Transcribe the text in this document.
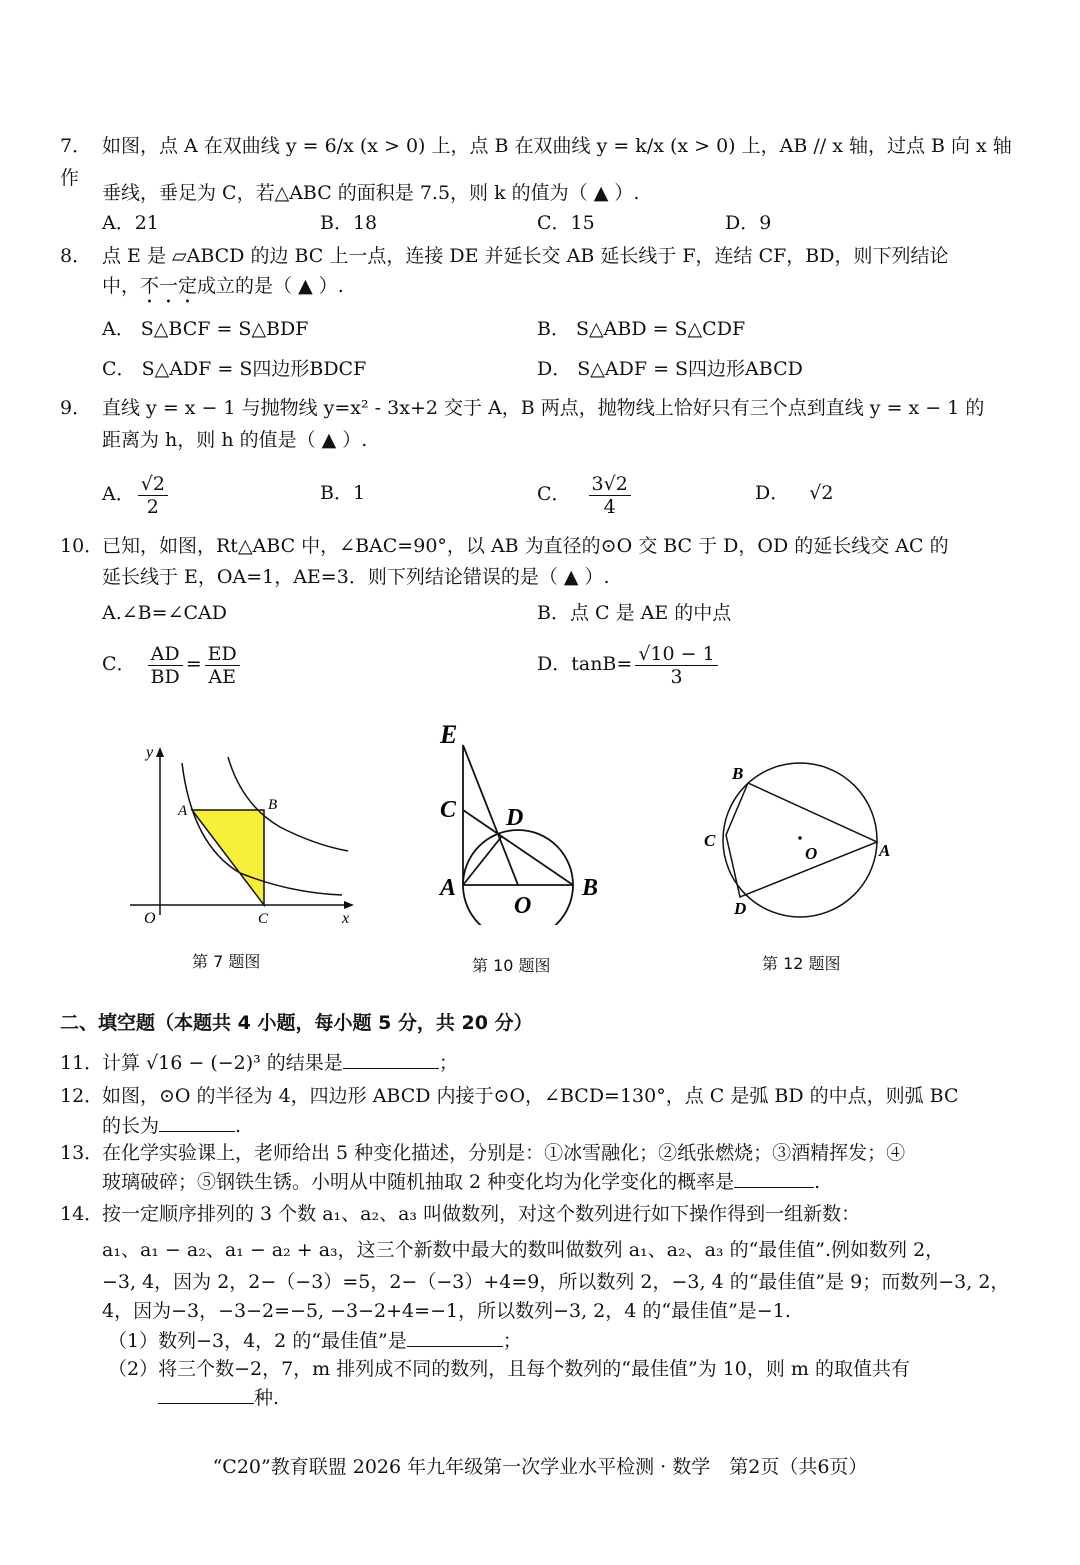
7． 如图，点 A 在双曲线 y = 6/x (x > 0) 上，点 B 在双曲线 y = k/x (x > 0) 上，AB // x 轴，过点 B 向 x 轴作
垂线，垂足为 C，若△ABC 的面积是 7.5，则 k 的值为（ ▲ ）.
A．21	B．18	C．15	D．9
8． 点 E 是 ▱ABCD 的边 BC 上一点，连接 DE 并延长交 AB 延长线于 F，连结 CF，BD，则下列结论
中，不一定成立的是（ ▲ ）.
A． S△BCF = S△BDF	B． S△ABD = S△CDF
C． S△ADF = S四边形BDCF	D． S△ADF = S四边形ABCD
9． 直线 y = x − 1 与抛物线 y=x² - 3x+2 交于 A，B 两点，抛物线上恰好只有三个点到直线 y = x − 1 的
距离为 h，则 h 的值是（ ▲ ）.
A． $\frac{√2}{2}$	B．1	C． $\frac{3√2}{4}$	D． √2
10．已知，如图，Rt△ABC 中，∠BAC=90°，以 AB 为直径的⊙O 交 BC 于 D，OD 的延长线交 AC 的
延长线于 E，OA=1，AE=3．则下列结论错误的是（ ▲ ）.
A.∠B=∠CAD	B．点 C 是 AE 的中点
C． $\frac{AD}{BD} = \frac{ED}{AE}$	D．$\tan B= \frac{√10 - 1}{3}$
y
A	B
O	C	x
第 7 题图
E
C D
A
O
B
第 10 题图
B
C
O	A
D
第 12 题图
二、填空题（本题共 4 小题，每小题 5 分，共 20 分）
11．计算 √16 − (−2)³ 的结果是	；
12．如图，⊙O 的半径为 4，四边形 ABCD 内接于⊙O，∠BCD=130°，点 C 是弧 BD 的中点，则弧 BC
的长为	.
13．在化学实验课上，老师给出 5 种变化描述，分别是：①冰雪融化；②纸张燃烧；③酒精挥发；④
玻璃破碎；⑤钢铁生锈。小明从中随机抽取 2 种变化均为化学变化的概率是	.
14．按一定顺序排列的 3 个数 a₁、a₂、a₃ 叫做数列，对这个数列进行如下操作得到一组新数：
a₁、a₁ − a₂、a₁ − a₂ + a₃，这三个新数中最大的数叫做数列 a₁、a₂、a₃ 的“最佳值”.例如数列 2，
−3, 4，因为 2，2−（−3）=5，2−（−3）+4=9，所以数列 2，−3, 4 的“最佳值”是 9；而数列−3, 2，
4，因为−3，−3−2=−5, −3−2+4=−1，所以数列−3, 2，4 的“最佳值”是−1.
（1）数列−3，4，2 的“最佳值”是	；
（2）将三个数−2，7，m 排列成不同的数列，且每个数列的“最佳值”为 10，则 m 的取值共有
种.
“C20”教育联盟 2026 年九年级第一次学业水平检测 · 数学　第2页（共6页）
